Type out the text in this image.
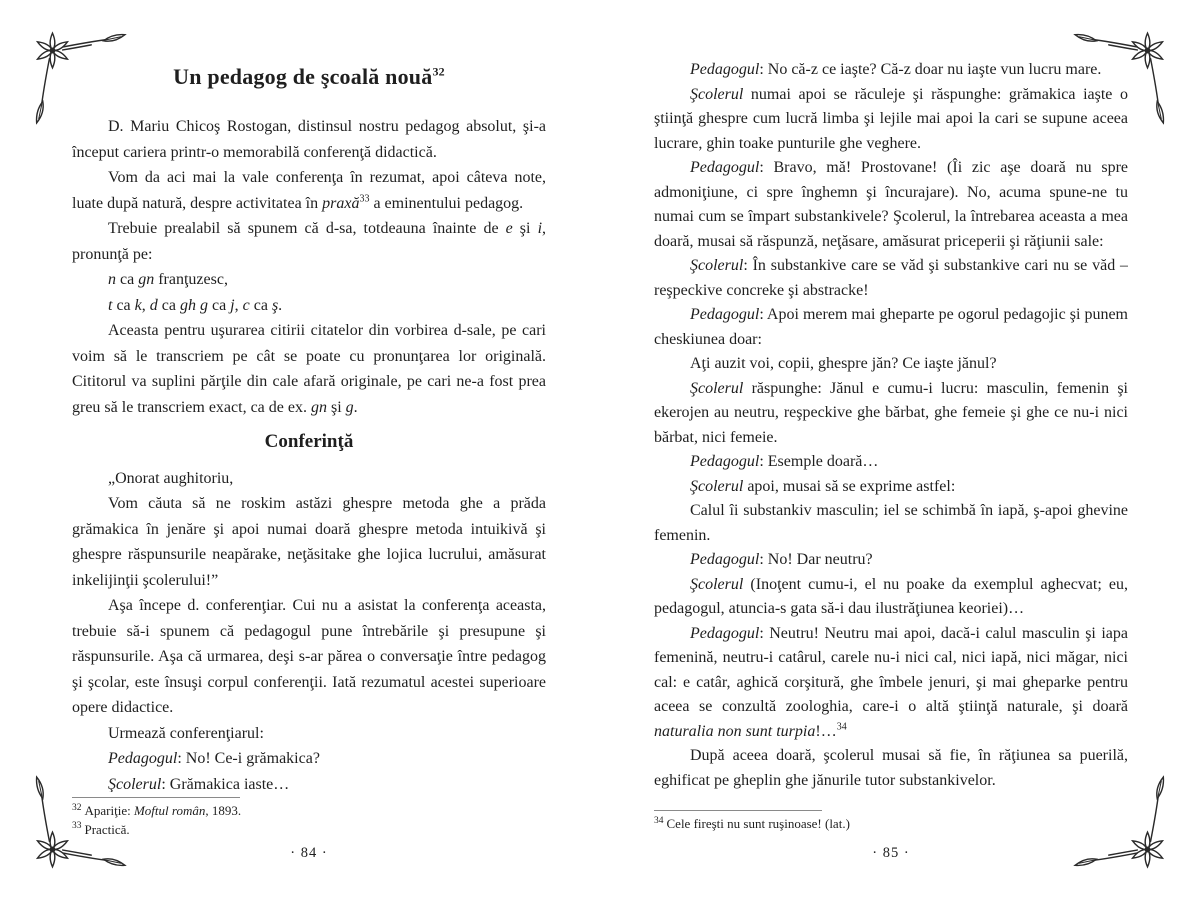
Un pedagog de şcoală nouă$^{32}$

D. Mariu Chicoş Rostogan, distinsul nostru pedagog absolut, şi-a început cariera printr-o memorabilă conferenţă didactică.

Vom da aci mai la vale conferenţa în rezumat, apoi câteva note, luate după natură, despre activitatea în praxă$^{33}$ a eminentului pedagog.

Trebuie prealabil să spunem că d-sa, totdeauna înainte de e şi i, pronunţă pe:

n ca gn franţuzesc,

t ca k, d ca gh g ca j, c ca ş.

Aceasta pentru uşurarea citirii citatelor din vorbirea d-sale, pe cari voim să le transcriem pe cât se poate cu pronunţarea lor originală. Cititorul va suplini părţile din cale afară originale, pe cari ne-a fost prea greu să le transcriem exact, ca de ex. gn şi g.

Conferinţă

„Onorat aughitoriu,

Vom căuta să ne roskim astăzi ghespre metoda ghe a prăda grămakica în jenăre şi apoi numai doară ghespre metoda intuikivă şi ghespre răspunsurile neapărake, neţăsitake ghe lojica lucrului, amăsurat inkelijinţii şcolerului!”

Aşa începe d. conferenţiar. Cui nu a asistat la conferenţa aceasta, trebuie să-i spunem că pedagogul pune întrebările şi presupune şi răspunsurile. Aşa că urmarea, deşi s-ar părea o conversaţie între pedagog şi şcolar, este însuşi corpul conferenţii. Iată rezumatul acestei superioare opere didactice.

Urmează conferenţiarul:

Pedagogul: No! Ce-i grămakica?

Şcolerul: Grămakica iaste…

$^{32}$ Apariţie: Moftul român, 1893.
$^{33}$ Practică.
· 84 ·

Pedagogul: No că-z ce iaşte? Că-z doar nu iaşte vun lucru mare.

Şcolerul numai apoi se răculeje şi răspunghe: grămakica iaşte o ştiinţă ghespre cum lucră limba şi lejile mai apoi la cari se supune aceea lucrare, ghin toake punturile ghe veghere.

Pedagogul: Bravo, mă! Prostovane! (Îi zic aşe doară nu spre admoniţiune, ci spre înghemn şi încurajare). No, acuma spune-ne tu numai cum se împart substankivele? Şcolerul, la întrebarea aceasta a mea doară, musai să răspunză, neţăsare, amăsurat priceperii şi răţiunii sale:

Şcolerul: În substankive care se văd şi substankive cari nu se văd – reşpeckive concreke şi abstracke!

Pedagogul: Apoi merem mai gheparte pe ogorul pedagojic şi punem cheskiunea doar:

Aţi auzit voi, copii, ghespre jăn? Ce iaşte jănul?

Şcolerul răspunghe: Jănul e cumu-i lucru: masculin, femenin şi ekerojen au neutru, reşpeckive ghe bărbat, ghe femeie şi ghe ce nu-i nici bărbat, nici femeie.

Pedagogul: Esemple doară…

Şcolerul apoi, musai să se exprime astfel:

Calul îi substankiv masculin; iel se schimbă în iapă, ş-apoi ghevine femenin.

Pedagogul: No! Dar neutru?

Şcolerul (Inoţent cumu-i, el nu poake da exemplul aghecvat; eu, pedagogul, atuncia-s gata să-i dau ilustrăţiunea keoriei)…

Pedagogul: Neutru! Neutru mai apoi, dacă-i calul masculin şi iapa femenină, neutru-i catârul, carele nu-i nici cal, nici iapă, nici măgar, nici cal: e catâr, aghică corşitură, ghe îmbele jenuri, şi mai gheparke pentru aceea se conzultă zoologhia, care-i o altă ştiinţă naturale, şi doară naturalia non sunt turpia!…$^{34}$

După aceea doară, şcolerul musai să fie, în răţiunea sa puerilă, eghificat pe gheplin ghe jănurile tutor substankivelor.

$^{34}$ Cele fireşti nu sunt ruşinoase! (lat.)
· 85 ·
